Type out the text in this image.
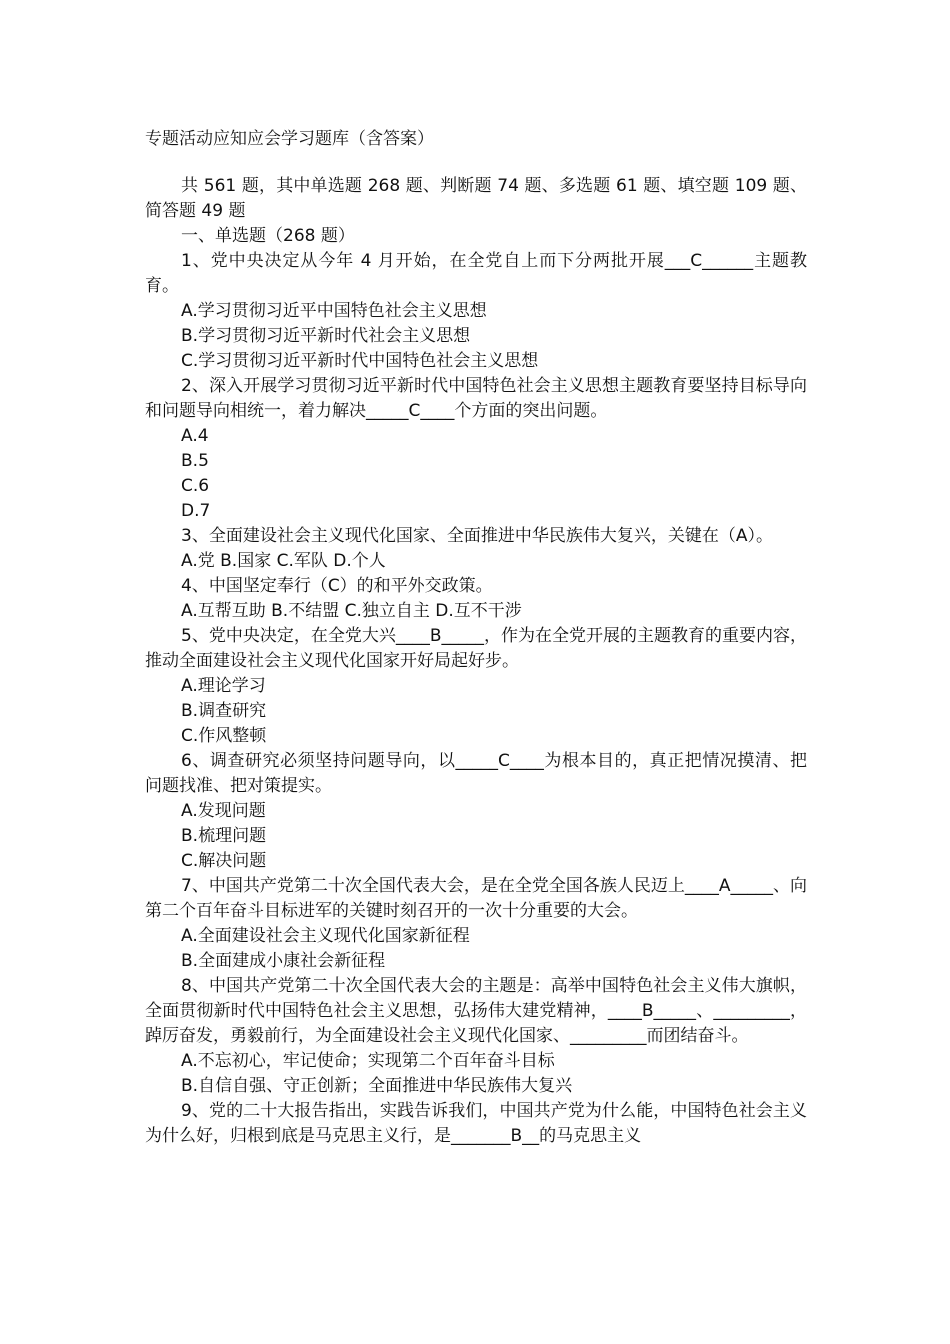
专题活动应知应会学习题库（含答案）
共 561 题，其中单选题 268 题、判断题 74 题、多选题 61 题、填空题 109 题、简答题 49 题
一、单选题（268 题）
1、党中央决定从今年 4 月开始，在全党自上而下分两批开展___C______主题教育。
A.学习贯彻习近平中国特色社会主义思想
B.学习贯彻习近平新时代社会主义思想
C.学习贯彻习近平新时代中国特色社会主义思想
2、深入开展学习贯彻习近平新时代中国特色社会主义思想主题教育要坚持目标导向和问题导向相统一，着力解决_____C____个方面的突出问题。
A.4
B.5
C.6
D.7
3、全面建设社会主义现代化国家、全面推进中华民族伟大复兴，关键在（A）。
A.党 B.国家 C.军队 D.个人
4、中国坚定奉行（C）的和平外交政策。
A.互帮互助 B.不结盟 C.独立自主 D.互不干涉
5、党中央决定，在全党大兴____B_____，作为在全党开展的主题教育的重要内容，推动全面建设社会主义现代化国家开好局起好步。
A.理论学习
B.调查研究
C.作风整顿
6、调查研究必须坚持问题导向，以_____C____为根本目的，真正把情况摸清、把问题找准、把对策提实。
A.发现问题
B.梳理问题
C.解决问题
7、中国共产党第二十次全国代表大会，是在全党全国各族人民迈上____A_____、向第二个百年奋斗目标进军的关键时刻召开的一次十分重要的大会。
A.全面建设社会主义现代化国家新征程
B.全面建成小康社会新征程
8、中国共产党第二十次全国代表大会的主题是：高举中国特色社会主义伟大旗帜，全面贯彻新时代中国特色社会主义思想，弘扬伟大建党精神，____B_____、_________，踔厉奋发，勇毅前行，为全面建设社会主义现代化国家、_________而团结奋斗。
A.不忘初心，牢记使命；实现第二个百年奋斗目标
B.自信自强、守正创新；全面推进中华民族伟大复兴
9、党的二十大报告指出，实践告诉我们，中国共产党为什么能，中国特色社会主义为什么好，归根到底是马克思主义行，是_______B__的马克思主义
